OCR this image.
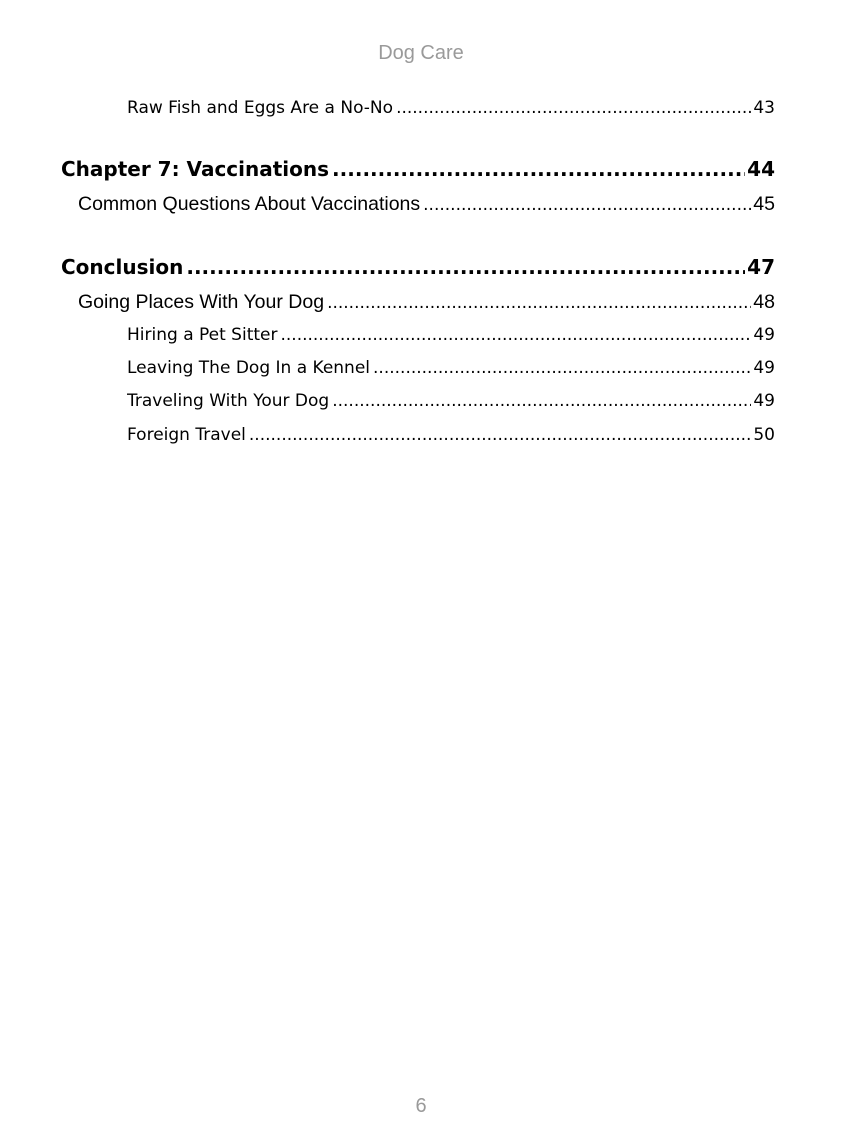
Dog Care
Raw Fish and Eggs Are a No-No .....	43
Chapter 7: Vaccinations .....	44
Common Questions About Vaccinations .....	45
Conclusion .....	47
Going Places With Your Dog .....	48
Hiring a Pet Sitter .....	49
Leaving The Dog In a Kennel .....	49
Traveling With Your Dog .....	49
Foreign Travel .....	50
6
